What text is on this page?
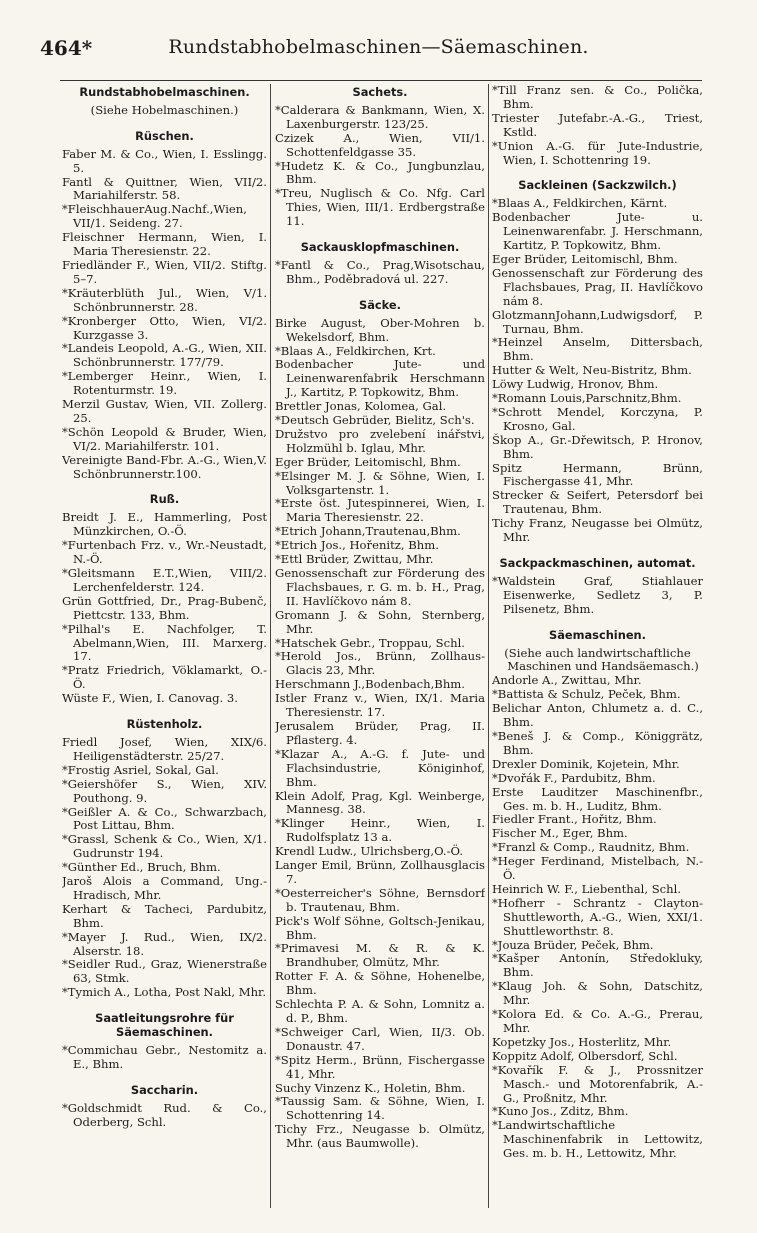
464*	Rundstabhobelmaschinen—Säemaschinen.
Rundstabhobelmaschinen.
(Siehe Hobelmaschinen.)
Rüschen.
Faber M. & Co., Wien, I. Esslingg. 5.
Fantl & Quittner, Wien, VII/2. Mariahilferstr. 58.
*FleischhauerAug.Nachf.,Wien, VII/1. Seideng. 27.
Fleischner Hermann, Wien, I. Maria Theresienstr. 22.
Friedländer F., Wien, VII/2. Stiftg. 5–7.
*Kräuterblüth Jul., Wien, V/1. Schönbrunnerstr. 28.
*Kronberger Otto, Wien, VI/2. Kurzgasse 3.
*Landeis Leopold, A.-G., Wien, XII. Schönbrunnerstr. 177/79.
*Lemberger Heinr., Wien, I. Rotenturmstr. 19.
Merzil Gustav, Wien, VII. Zollerg. 25.
*Schön Leopold & Bruder, Wien, VI/2. Mariahilferstr. 101.
Vereinigte Band-Fbr. A.-G., Wien,V. Schönbrunnerstr.100.
Ruß.
Breidt J. E., Hammerling, Post Münzkirchen, O.-Ö.
*Furtenbach Frz. v., Wr.-Neustadt, N.-Ö.
*Gleitsmann E.T.,Wien, VIII/2. Lerchenfelderstr. 124.
Grün Gottfried, Dr., Prag-Bubenč, Piettcstr. 133, Bhm.
*Pilhal's E. Nachfolger, T. Abelmann,Wien, III. Marxerg. 17.
*Pratz Friedrich, Vöklamarkt, O.-Ö.
Wüste F., Wien, I. Canovag. 3.
Rüstenholz.
Friedl Josef, Wien, XIX/6. Heiligenstädterstr. 25/27.
*Frostig Asriel, Sokal, Gal.
*Geiershöfer S., Wien, XIV. Pouthong. 9.
*Geißler A. & Co., Schwarzbach, Post Littau, Bhm.
*Grassl, Schenk & Co., Wien, X/1. Gudrunstr 194.
*Günther Ed., Bruch, Bhm.
Jaroš Alois a Command, Ung.-Hradisch, Mhr.
Kerhart & Tacheci, Pardubitz, Bhm.
*Mayer J. Rud., Wien, IX/2. Alserstr. 18.
*Seidler Rud., Graz, Wienerstraße 63, Stmk.
*Tymich A., Lotha, Post Nakl, Mhr.
Saatleitungsrohre für Säemaschinen.
*Commichau Gebr., Nestomitz a. E., Bhm.
Saccharin.
*Goldschmidt Rud. & Co., Oderberg, Schl.
Sachets.
*Calderara & Bankmann, Wien, X. Laxenburgerstr. 123/25.
Czizek A., Wien, VII/1. Schottenfeldgasse 35.
*Hudetz K. & Co., Jungbunzlau, Bhm.
*Treu, Nuglisch & Co. Nfg. Carl Thies, Wien, III/1. Erdbergstraße 11.
Sackausklopfmaschinen.
*Fantl & Co., Prag,Wisotschau, Bhm., Poděbradová ul. 227.
Säcke.
Birke August, Ober-Mohren b. Wekelsdorf, Bhm.
*Blaas A., Feldkirchen, Krt.
Bodenbacher Jute- und Leinenwarenfabrik Herschmann J., Kartitz, P. Topkowitz, Bhm.
Brettler Jonas, Kolomea, Gal.
*Deutsch Gebrüder, Bielitz, Sch's.
Družstvo pro zvelebení inářstvi, Holzmühl b. Iglau, Mhr.
Eger Brüder, Leitomischl, Bhm.
*Elsinger M. J. & Söhne, Wien, I. Volksgartenstr. 1.
*Erste öst. Jutespinnerei, Wien, I. Maria Theresienstr. 22.
*Etrich Johann,Trautenau,Bhm.
*Etrich Jos., Hořenitz, Bhm.
*Ettl Brüder, Zwittau, Mhr.
Genossenschaft zur Förderung des Flachsbaues, r. G. m. b. H., Prag, II. Havlíčkovo nám 8.
Gromann J. & Sohn, Sternberg, Mhr.
*Hatschek Gebr., Troppau, Schl.
*Herold Jos., Brünn, Zollhaus-Glacis 23, Mhr.
Herschmann J.,Bodenbach,Bhm.
Istler Franz v., Wien, IX/1. Maria Theresienstr. 17.
Jerusalem Brüder, Prag, II. Pflasterg. 4.
*Klazar A., A.-G. f. Jute- und Flachsindustrie, Königinhof, Bhm.
Klein Adolf, Prag, Kgl. Weinberge, Mannesg. 38.
*Klinger Heinr., Wien, I. Rudolfsplatz 13 a.
Krendl Ludw., Ulrichsberg,O.-Ö.
Langer Emil, Brünn, Zollhausglacis 7.
*Oesterreicher's Söhne, Bernsdorf b. Trautenau, Bhm.
Pick's Wolf Söhne, Goltsch-Jenikau, Bhm.
*Primavesi M. & R. & K. Brandhuber, Olmütz, Mhr.
Rotter F. A. & Söhne, Hohenelbe, Bhm.
Schlechta P. A. & Sohn, Lomnitz a. d. P., Bhm.
*Schweiger Carl, Wien, II/3. Ob. Donaustr. 47.
*Spitz Herm., Brünn, Fischergasse 41, Mhr.
Suchy Vinzenz K., Holetin, Bhm.
*Taussig Sam. & Söhne, Wien, I. Schottenring 14.
Tichy Frz., Neugasse b. Olmütz, Mhr. (aus Baumwolle).
*Till Franz sen. & Co., Polička, Bhm.
Triester Jutefabr.-A.-G., Triest, Kstld.
*Union A.-G. für Jute-Industrie, Wien, I. Schottenring 19.
Sackleinen (Sackzwilch.)
*Blaas A., Feldkirchen, Kärnt.
Bodenbacher Jute- u. Leinenwarenfabr. J. Herschmann, Kartitz, P. Topkowitz, Bhm.
Eger Brüder, Leitomischl, Bhm.
Genossenschaft zur Förderung des Flachsbaues, Prag, II. Havlíčkovo nám 8.
GlotzmannJohann,Ludwigsdorf, P. Turnau, Bhm.
*Heinzel Anselm, Dittersbach, Bhm.
Hutter & Welt, Neu-Bistritz, Bhm.
Löwy Ludwig, Hronov, Bhm.
*Romann Louis,Parschnitz,Bhm.
*Schrott Mendel, Korczyna, P. Krosno, Gal.
Škop A., Gr.-Dřewitsch, P. Hronov, Bhm.
Spitz Hermann, Brünn, Fischergasse 41, Mhr.
Strecker & Seifert, Petersdorf bei Trautenau, Bhm.
Tichy Franz, Neugasse bei Olmütz, Mhr.
Sackpackmaschinen, automat.
*Waldstein Graf, Stiahlauer Eisenwerke, Sedletz 3, P. Pilsenetz, Bhm.
Säemaschinen.
(Siehe auch landwirtschaftliche Maschinen und Handsäemasch.)
Andorle A., Zwittau, Mhr.
*Battista & Schulz, Peček, Bhm.
Belichar Anton, Chlumetz a. d. C., Bhm.
*Beneš J. & Comp., Königgrätz, Bhm.
Drexler Dominik, Kojetein, Mhr.
*Dvořák F., Pardubitz, Bhm.
Erste Lauditzer Maschinenfbr., Ges. m. b. H., Luditz, Bhm.
Fiedler Frant., Hořitz, Bhm.
Fischer M., Eger, Bhm.
*Franzl & Comp., Raudnitz, Bhm.
*Heger Ferdinand, Mistelbach, N.-Ö.
Heinrich W. F., Liebenthal, Schl.
*Hofherr - Schrantz - Clayton-Shuttleworth, A.-G., Wien, XXI/1. Shuttleworthstr. 8.
*Jouza Brüder, Peček, Bhm.
*Kašper Antonín, Středokluky, Bhm.
*Klaug Joh. & Sohn, Datschitz, Mhr.
*Kolora Ed. & Co. A.-G., Prerau, Mhr.
Kopetzky Jos., Hosterlitz, Mhr.
Koppitz Adolf, Olbersdorf, Schl.
*Kovařík F. & J., Prossnitzer Masch.- und Motorenfabrik, A.-G., Proßnitz, Mhr.
*Kuno Jos., Zditz, Bhm.
*Landwirtschaftliche Maschinenfabrik in Lettowitz, Ges. m. b. H., Lettowitz, Mhr.
